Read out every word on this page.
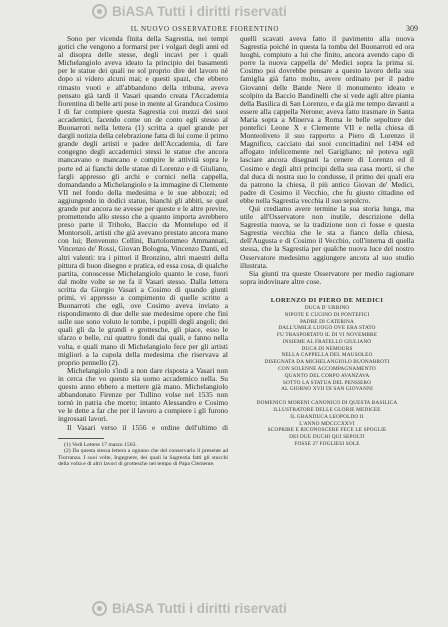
BiASA Tutti i diritti riservati
IL NUOVO OSSERVATORE FIORENTINO	309

Sono per vicenda finita della Sagrestia, nei tempi gotici che vengono a formarsi per i volgari degli anni ed al disopra delle stesse, degli incavi per i quali Michelangiolo aveva ideato la principio dei basamenti per le statue dei quali ne sol proprio dire del lavoro nè dopo si videro alcuni mai; e questi spazi, che ebbero rimasto vuoti e all'abbandono della tribuna, aveva pensato già tardi il Vasari quando creata l'Accademia fiorentina di belle arti pose in mente al Granduca Cosimo I di far compiere questa Sagrestia coi mezzi dei suoi accademici, facendo come un de conto egli stesso al Buonarroti nella lettera (1) scritta a quel grande per dargli notizia della celebrazione fatta di lui come il primo grande degli artisti e padre dell'Accademia, di fare congegno degli accademici stessi le statue che ancora mancavano o mancano e compire le attività sopra le porte ed ai fianchi delle statue di Lorenzo e di Giuliano, fargli appresso gli archi e cornici nella cappella, domandando a Michelangiolo e la immagine di Clemente VII nel fondo della medesima e le sue abbozzi; ed aggiungendo in dodici statue, bianchi gli abbiti, se quel grande pur ancora ne avesse per queste e le altre previte, promettendo allo stesso che a quanto importa avrebbero preso parte il Tribolo, Baccio da Montelupo ed il Montorsoli, artisti che già avevano prestato ancora mano con lui; Benvenuto Cellini, Bartolommeo Ammannati, Vincenzo de' Rossi, Giovan Bologna, Vincenzo Danti, ed altri valenti: tra i pittori il Bronzino, altri maestri della pittura di buon disegno e pratica, ed essa cosa, di qualche partita, conoscesse Michelangiolo quanto le cose, fuori dal molte volte se ne fa il Vasari stesso. Dalla lettera scritta da Giorgio Vasari a Cosimo di quando giunti primi, vi appresso a compimento di quelle scritte a Buonarroti che egli, ove Cosimo aveva inviato a rispondimento di due delle sue medesime opere che fini sulle sue sono voluto le tombe, i pupilli degli angoli; dei quali gli da le grandi e grottesche, gli piace, esso le sfarzo e belle, cui quattro fondi dai quali, e fanno nella volta, e quali mano di Michelangiolo fece per gli artisti migliori a la cupola della medesima che riservava al proprio pennello (2).

Michelangiolo s'indi a non dare risposta a Vasari non in cerca che vo questo sia uomo accademico nella. Su questo anno ebbero a mettere già mano. Michelangiolo abbandonato Firenze per Tullino volse nel 1535 non tornò in patria che morto; intanto Alessandro e Cosimo ve le dette a far che per il lavoro a compiere i gli furono ingrossati lavori.

Il Vasari verso il 1556 e ordine dell'ultimo di

(1) Vedi Lettere 17 marzo 1563.
(2) Da questa stessa lettera a ognuno che del conservarlo il presente ad Tiorranza. I suoi volte, Ingegnere, dei quali la Sagrestia fatti gli stucchi della volta e di altri lavori di grottesche nel tempo di Papa Clemente.

quelli scavati aveva fatto il pavimento alla nuova Sagrestia poichè in questa la tomba del Buonarroti ed ora luoghi, compiuto a lui che finito, ancora avendo capo di porre la nuova cappella de' Medici sopra la prima si. Cosimo poi dovrebbe pensare a questo lavoro della sua famiglia già fatto molto, avere ordinato per il padre Giovanni delle Bande Nere il monumento ideato e scolpito da Baccio Bandinelli che si vede agli altre pianta della Basilica di San Lorenzo, e da già me tempo davanti a essere alla cappella Nerone; aveva fatto trasmare in Santa Maria sopra a Minerva a Roma le belle sepolture dei pontefici Leone X e Clemente VII e nella chiesa di Monteoliveto il suo rapporto a Piero di Lorenzo il Magnifico, cacciato dai suoi concittadini nel 1494 ed affogato infelicemente nel Garigliano; nè poteva egli lasciare ancora disegnati la cenere di Lorenzo ed il Cosimo e degli altri principi della sua casa morti, sì che dal duca di nostra suo lo condusse, il primo dei quali era da patrono la chiesa, il più antico Giovan de' Medici, padre di Cosimo il Vecchio, che fu giusto cittadino ed ebbe nella Sagrestia vecchia il suo sepolcro.

Qui crediamo avere termine la sua storia lunga, ma utile all'Osservatore non inutile, descrizione della Sagrestia nuova, se la tradizione non ci fosse e questa Sagrestia vecchia che le sta a fianco della chiesa, dell'Augusta e di Cosimo il Vecchio, coll'interna di quella stessa, che la Sagrestia per qualche nuova luce del nostro Osservatore medesimo aggiungere ancora al suo studio illustrata.

Sia giunti tra queste Osservatore per medio ragionare sopra indovinare altre cose.

LORENZO DI PIERO DE MEDICI
DUCA D' URBINO
NIPOTE E CUGINO DI PONTEFICI
PADRE DI CATERINA
DALL'UMILE LUOGO OVE ERA STATO
FU TRASPORTATO IL DI VI NOVEMBRE
INSIEME AL FRATELLO GIULIANO
DUCA DI NEMOURS
NELLA CAPPELLA DEL MAUSOLEO
DISEGNATA DA MICHELANGIOLO BUONARROTI
CON SOLENNE ACCOMPAGNAMENTO
QUANTO DEL CORPO AVANZAVA
SOTTO LA STATUA DEL PENSIERO
AL GIORNO XVII DI SAN GIOVANNI
DOMENICO MORENI CANONICO DI QUESTA BASILICA
ILLUSTRATORE DELLE GLORIE MEDICEE
IL GRANDUCA LEOPOLDO II
L'ANNO MDCCCXXVI
SCOPRIRE E RICONOSCERE FECE LE SPOGLIE
DEI DUE DUCHI QUI SEPOLTI
FOSSE 27 FOGLIESI SOLE
BiASA Tutti i diritti riservati
